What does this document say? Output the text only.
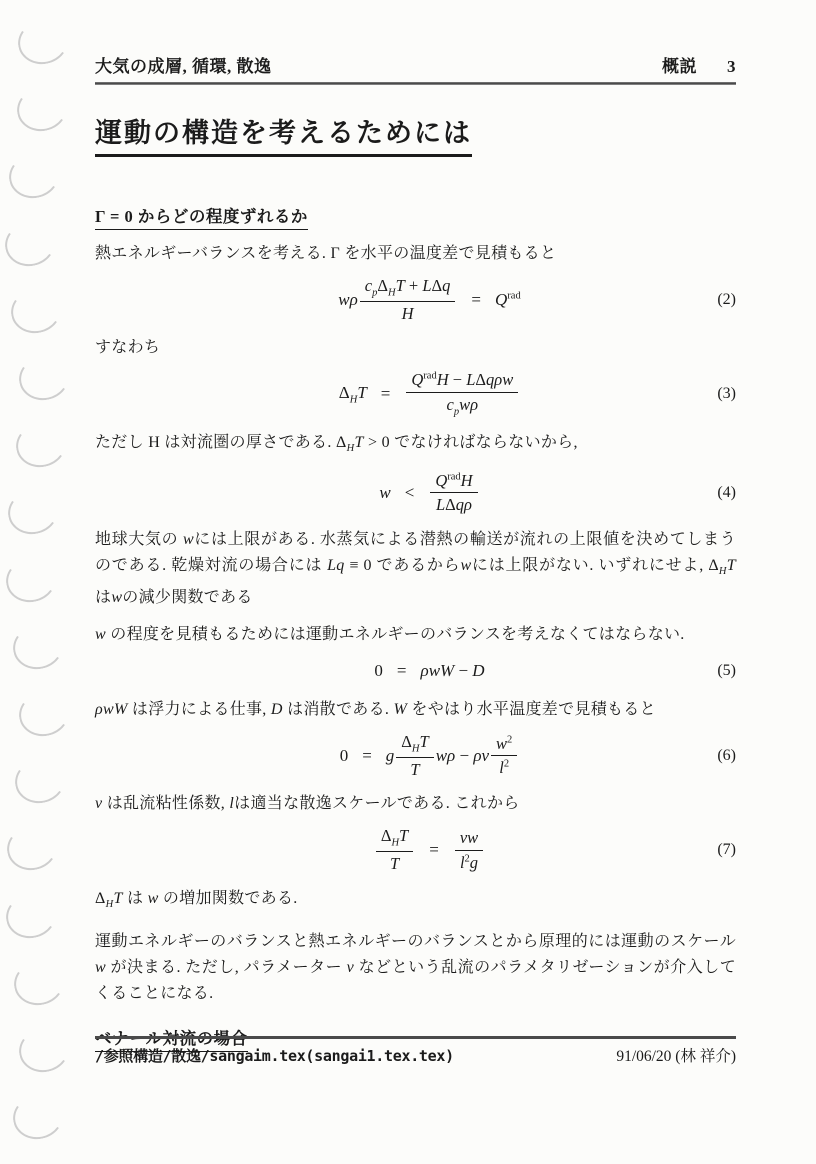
大気の成層, 循環, 散逸	概説 3
運動の構造を考えるためには
Γ = 0 からどの程度ずれるか
熱エネルギーバランスを考える. Γ を水平の温度差で見積もると
wρ $\frac{c_p\Delta_HT + L\Delta q}{H} = Q^{rad}$	(2)
すなわち
$\Delta_HT = \frac{Q^{rad}H - L\Delta q\rho w}{c_pw\rho}$	(3)
ただし H は対流圏の厚さである. $\Delta_HT > 0$ でなければならないから,
$w < \frac{Q^{rad}H}{\text{LΔqρ}}$	(4)
地球大気の wには上限がある. 水蒸気による潜熱の輸送が流れの上限値を決めてしまうのである. 乾燥対流の場合には Lq ≡ 0 であるからwには上限がない. いずれにせよ, $\Delta_HT$ はwの減少関数である
w の程度を見積もるためには運動エネルギーのバランスを考えなくてはならない.
0 = ρwW − D	(5)
ρwW は浮力による仕事, D は消散である. W をやはり水平温度差で見積もると
0 = g $\frac{\Delta_HT}{T}$ wρ − ρν $\frac{w^2}{l^2}$	(6)
ν は乱流粘性係数, lは適当な散逸スケールである. これから
$\frac{\Delta_HT}{T} = \frac{\nu w}{l^2g}$	(7)
$\Delta_HT$ は w の増加関数である.
運動エネルギーのバランスと熱エネルギーのバランスとから原理的には運動のスケール w が決まる. ただし, パラメーター ν などという乱流のパラメタリゼーションが介入してくることになる.
/参照構造/散逸/sangaim.tex(sangai1.tex.tex)	91/06/20 (林 祥介)
